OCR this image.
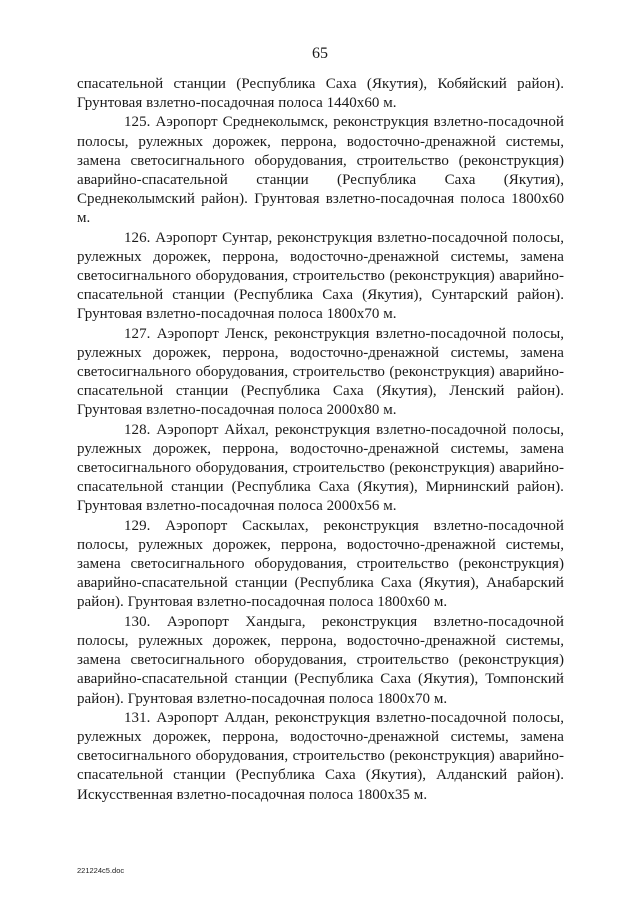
65

спасательной станции (Республика Саха (Якутия), Кобяйский район). Грунтовая взлетно-посадочная полоса 1440х60 м.

125. Аэропорт Среднеколымск, реконструкция взлетно-посадочной полосы, рулежных дорожек, перрона, водосточно-дренажной системы, замена светосигнального оборудования, строительство (реконструкция) аварийно-спасательной станции (Республика Саха (Якутия), Среднеколымский район). Грунтовая взлетно-посадочная полоса 1800х60 м.

126. Аэропорт Сунтар, реконструкция взлетно-посадочной полосы, рулежных дорожек, перрона, водосточно-дренажной системы, замена светосигнального оборудования, строительство (реконструкция) аварийно-спасательной станции (Республика Саха (Якутия), Сунтарский район). Грунтовая взлетно-посадочная полоса 1800х70 м.

127. Аэропорт Ленск, реконструкция взлетно-посадочной полосы, рулежных дорожек, перрона, водосточно-дренажной системы, замена светосигнального оборудования, строительство (реконструкция) аварийно-спасательной станции (Республика Саха (Якутия), Ленский район). Грунтовая взлетно-посадочная полоса 2000х80 м.

128. Аэропорт Айхал, реконструкция взлетно-посадочной полосы, рулежных дорожек, перрона, водосточно-дренажной системы, замена светосигнального оборудования, строительство (реконструкция) аварийно-спасательной станции (Республика Саха (Якутия), Мирнинский район). Грунтовая взлетно-посадочная полоса 2000х56 м.

129. Аэропорт Саскылах, реконструкция взлетно-посадочной полосы, рулежных дорожек, перрона, водосточно-дренажной системы, замена светосигнального оборудования, строительство (реконструкция) аварийно-спасательной станции (Республика Саха (Якутия), Анабарский район). Грунтовая взлетно-посадочная полоса 1800х60 м.

130. Аэропорт Хандыга, реконструкция взлетно-посадочной полосы, рулежных дорожек, перрона, водосточно-дренажной системы, замена светосигнального оборудования, строительство (реконструкция) аварийно-спасательной станции (Республика Саха (Якутия), Томпонский район). Грунтовая взлетно-посадочная полоса 1800х70 м.

131. Аэропорт Алдан, реконструкция взлетно-посадочной полосы, рулежных дорожек, перрона, водосточно-дренажной системы, замена светосигнального оборудования, строительство (реконструкция) аварийно-спасательной станции (Республика Саха (Якутия), Алданский район). Искусственная взлетно-посадочная полоса 1800х35 м.

221224c5.doc
